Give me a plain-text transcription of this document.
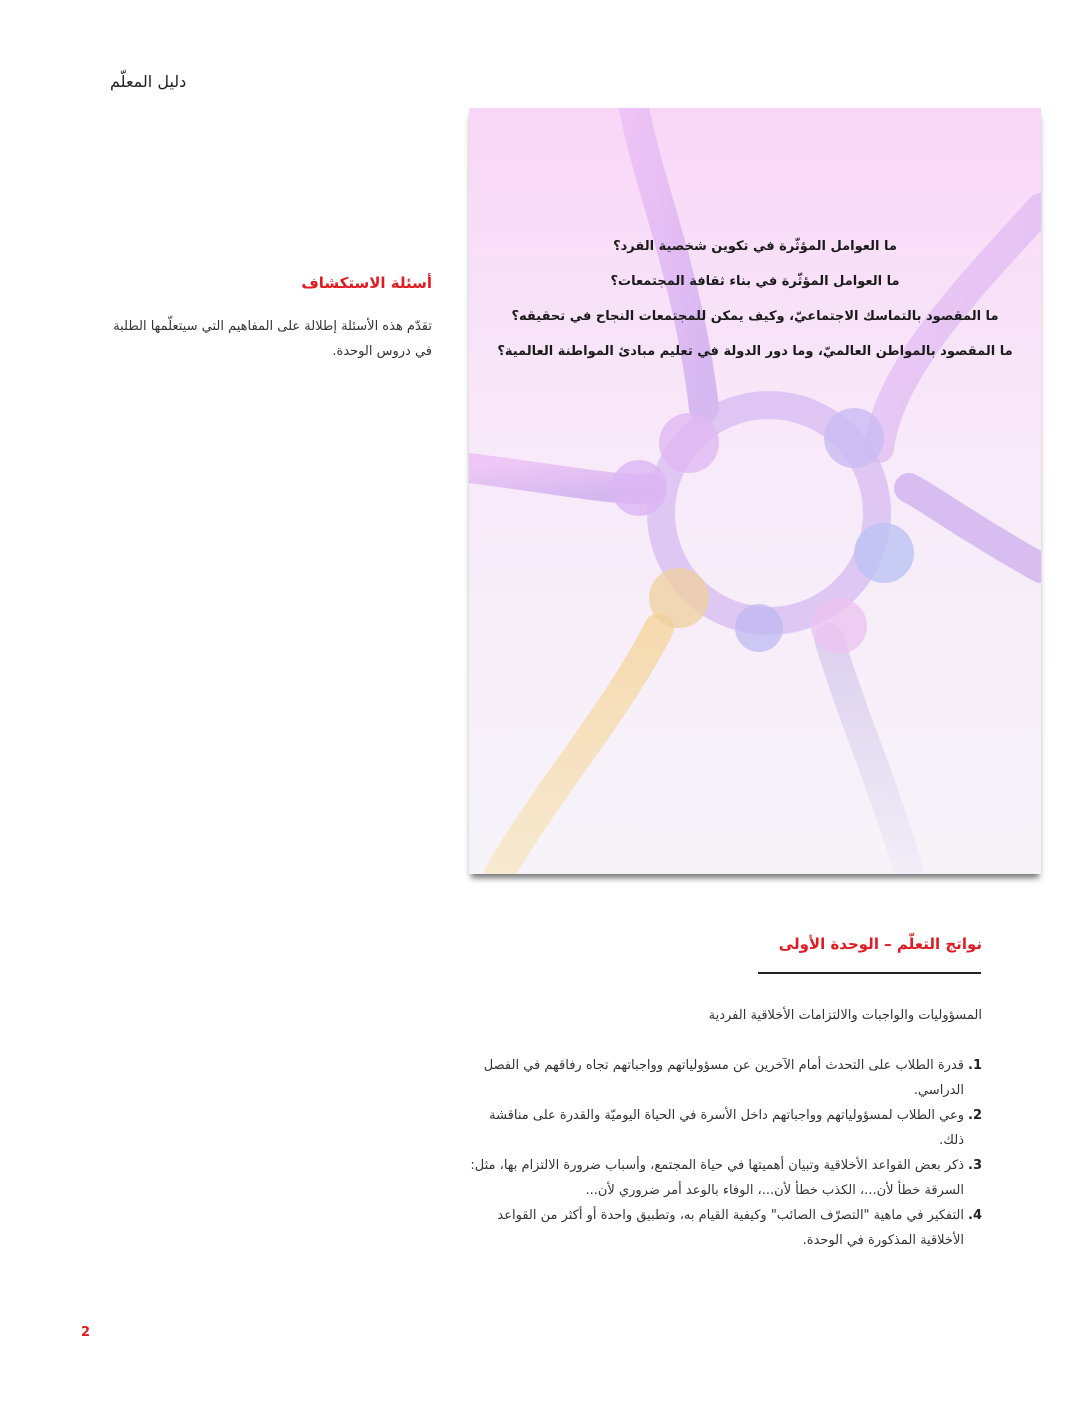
دليل المعلّم

ما العوامل المؤثّرة في تكوين شخصية الفرد؟

ما العوامل المؤثّرة في بناء ثقافة المجتمعات؟

ما المقصود بالتماسك الاجتماعيّ، وكيف يمكن للمجتمعات النجاح في تحقيقه؟

ما المقصود بالمواطن العالميّ، وما دور الدولة في تعليم مبادئ المواطنة العالمية؟

أسئلة الاستكشاف
تقدّم هذه الأسئلة إطلالة على المفاهيم التي سيتعلّمها الطلبة في دروس الوحدة.
نواتج التعلّم – الوحدة الأولى
المسؤوليات والواجبات والالتزامات الأخلاقية الفردية
1.
قدرة الطلاب على التحدث أمام الآخرين عن مسؤولياتهم وواجباتهم تجاه رفاقهم في الفصل الدراسي.
2.
وعي الطلاب لمسؤولياتهم وواجباتهم داخل الأسرة في الحياة اليوميّة والقدرة على مناقشة ذلك.
3.
ذكر بعض القواعد الأخلاقية وتبيان أهميتها في حياة المجتمع، وأسباب ضرورة الالتزام بها، مثل: السرقة خطأ لأن...، الكذب خطأ لأن...، الوفاء بالوعد أمر ضروري لأن...
4.
التفكير في ماهية "التصرّف الصائب" وكيفية القيام به، وتطبيق واحدة أو أكثر من القواعد الأخلاقية المذكورة في الوحدة.
2
